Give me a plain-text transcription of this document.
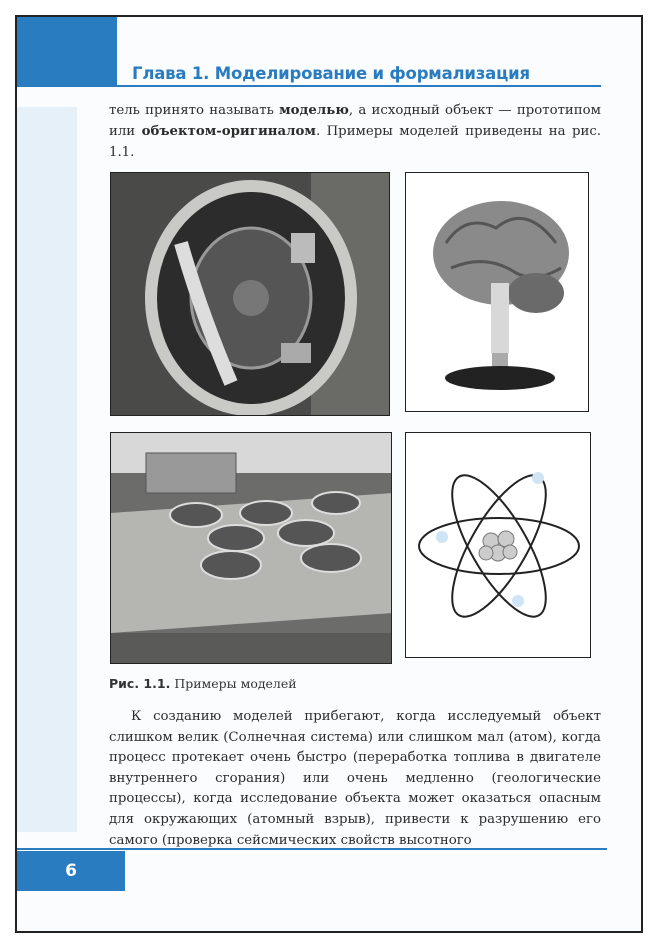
Глава 1. Моделирование и формализация

тель принято называть моделью, а исходный объект — прототипом или объектом-оригиналом. Примеры моделей приведены на рис. 1.1.

Рис. 1.1. Примеры моделей

К созданию моделей прибегают, когда исследуемый объект слишком велик (Солнечная система) или слишком мал (атом), когда процесс протекает очень быстро (переработка топлива в двигателе внутреннего сгорания) или очень медленно (геологические процессы), когда исследование объекта может оказаться опасным для окружающих (атомный взрыв), привести к разрушению его самого (проверка сейсмических свойств высотного

6
